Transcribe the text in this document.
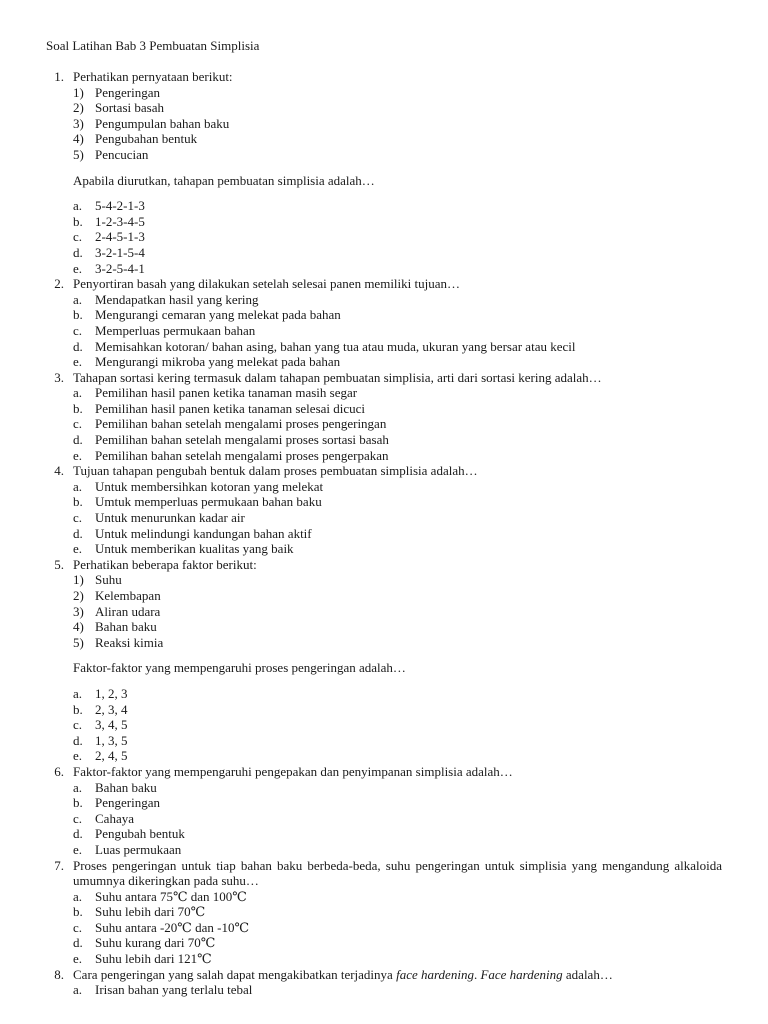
Soal Latihan Bab 3 Pembuatan Simplisia
1. Perhatikan pernyataan berikut:
1) Pengeringan
2) Sortasi basah
3) Pengumpulan bahan baku
4) Pengubahan bentuk
5) Pencucian
Apabila diurutkan, tahapan pembuatan simplisia adalah…
a. 5-4-2-1-3
b. 1-2-3-4-5
c. 2-4-5-1-3
d. 3-2-1-5-4
e. 3-2-5-4-1
2. Penyortiran basah yang dilakukan setelah selesai panen memiliki tujuan…
a. Mendapatkan hasil yang kering
b. Mengurangi cemaran yang melekat pada bahan
c. Memperluas permukaan bahan
d. Memisahkan kotoran/ bahan asing, bahan yang tua atau muda, ukuran yang bersar atau kecil
e. Mengurangi mikroba yang melekat pada bahan
3. Tahapan sortasi kering termasuk dalam tahapan pembuatan simplisia, arti dari sortasi kering adalah…
a. Pemilihan hasil panen ketika tanaman masih segar
b. Pemilihan hasil panen ketika tanaman selesai dicuci
c. Pemilihan bahan setelah mengalami proses pengeringan
d. Pemilihan bahan setelah mengalami proses sortasi basah
e. Pemilihan bahan setelah mengalami proses pengerpakan
4. Tujuan tahapan pengubah bentuk dalam proses pembuatan simplisia adalah…
a. Untuk membersihkan kotoran yang melekat
b. Umtuk memperluas permukaan bahan baku
c. Untuk menurunkan kadar air
d. Untuk melindungi kandungan bahan aktif
e. Untuk memberikan kualitas yang baik
5. Perhatikan beberapa faktor berikut:
1) Suhu
2) Kelembapan
3) Aliran udara
4) Bahan baku
5) Reaksi kimia
Faktor-faktor yang mempengaruhi proses pengeringan adalah…
a. 1, 2, 3
b. 2, 3, 4
c. 3, 4, 5
d. 1, 3, 5
e. 2, 4, 5
6. Faktor-faktor yang mempengaruhi pengepakan dan penyimpanan simplisia adalah…
a. Bahan baku
b. Pengeringan
c. Cahaya
d. Pengubah bentuk
e. Luas permukaan
7. Proses pengeringan untuk tiap bahan baku berbeda-beda, suhu pengeringan untuk simplisia yang mengandung alkaloida umumnya dikeringkan pada suhu…
a. Suhu antara 75℃ dan 100℃
b. Suhu lebih dari 70℃
c. Suhu antara -20℃ dan -10℃
d. Suhu kurang dari 70℃
e. Suhu lebih dari 121℃
8. Cara pengeringan yang salah dapat mengakibatkan terjadinya face hardening. Face hardening adalah…
a. Irisan bahan yang terlalu tebal
